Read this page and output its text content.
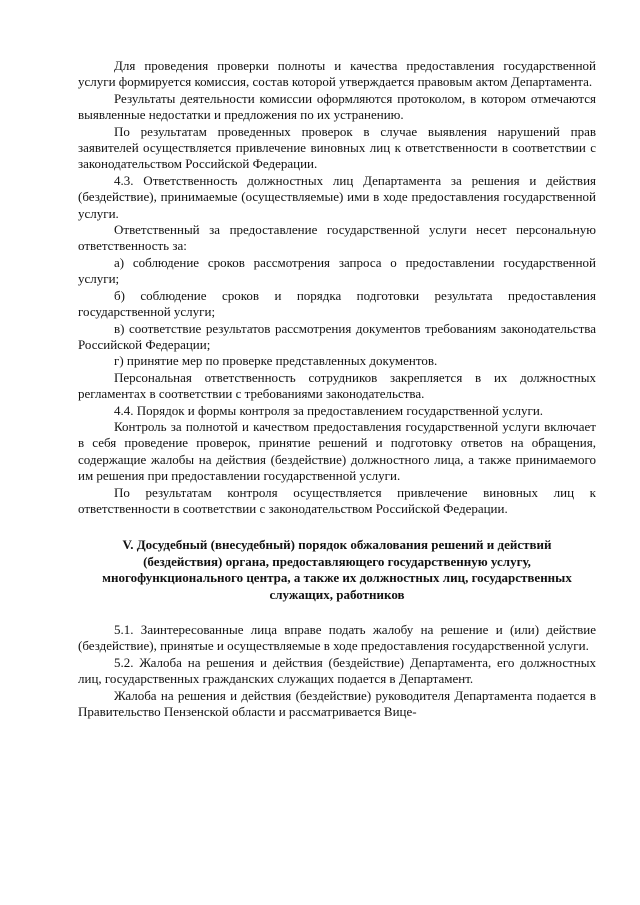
Для проведения проверки полноты и качества предоставления государственной услуги формируется комиссия, состав которой утверждается правовым актом Департамента.

Результаты деятельности комиссии оформляются протоколом, в котором отмечаются выявленные недостатки и предложения по их устранению.

По результатам проведенных проверок в случае выявления нарушений прав заявителей осуществляется привлечение виновных лиц к ответственности в соответствии с законодательством Российской Федерации.

4.3. Ответственность должностных лиц Департамента за решения и действия (бездействие), принимаемые (осуществляемые) ими в ходе предоставления государственной услуги.

Ответственный за предоставление государственной услуги несет персональную ответственность за:

а) соблюдение сроков рассмотрения запроса о предоставлении государственной услуги;

б) соблюдение сроков и порядка подготовки результата предоставления государственной услуги;

в) соответствие результатов рассмотрения документов требованиям законодательства Российской Федерации;

г) принятие мер по проверке представленных документов.

Персональная ответственность сотрудников закрепляется в их должностных регламентах в соответствии с требованиями законодательства.

4.4. Порядок и формы контроля за предоставлением государственной услуги.

Контроль за полнотой и качеством предоставления государственной услуги включает в себя проведение проверок, принятие решений и подготовку ответов на обращения, содержащие жалобы на действия (бездействие) должностного лица, а также принимаемого им решения при предоставлении государственной услуги.

По результатам контроля осуществляется привлечение виновных лиц к ответственности в соответствии с законодательством Российской Федерации.

V. Досудебный (внесудебный) порядок обжалования решений и действий (бездействия) органа, предоставляющего государственную услугу, многофункционального центра, а также их должностных лиц, государственных служащих, работников

5.1. Заинтересованные лица вправе подать жалобу на решение и (или) действие (бездействие), принятые и осуществляемые в ходе предоставления государственной услуги.

5.2. Жалоба на решения и действия (бездействие) Департамента, его должностных лиц, государственных гражданских служащих подается в Департамент.

Жалоба на решения и действия (бездействие) руководителя Департамента подается в Правительство Пензенской области и рассматривается Вице-
